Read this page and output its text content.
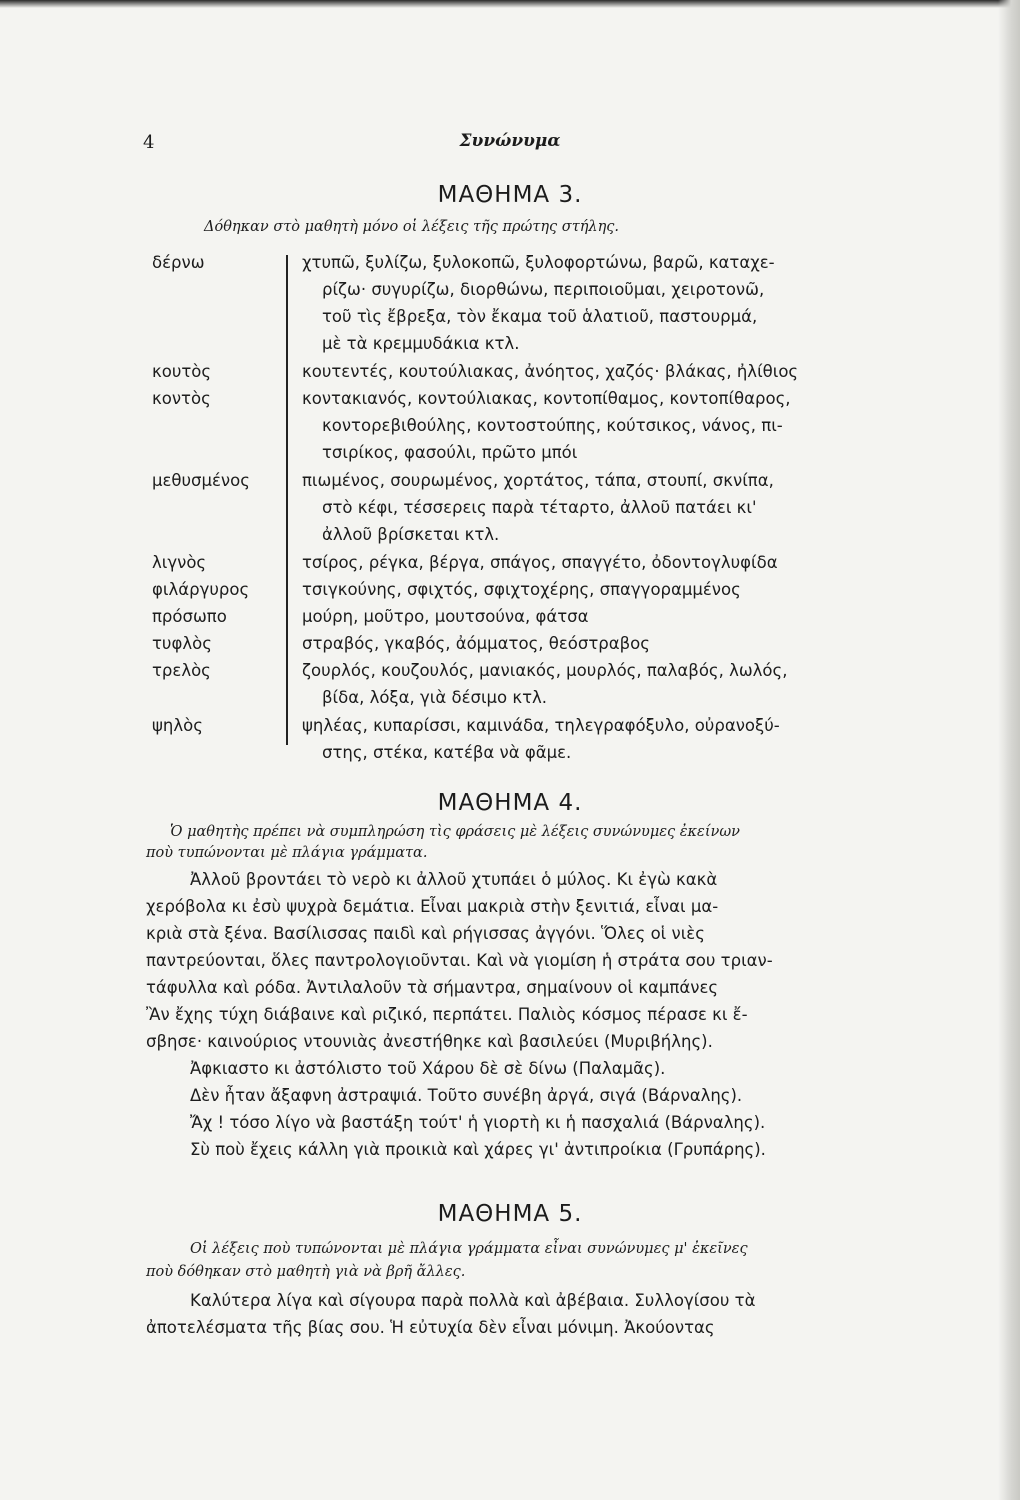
4	Συνώνυμα
ΜΑΘΗΜΑ 3.
Δόθηκαν στὸ μαθητὴ μόνο οἱ λέξεις τῆς πρώτης στήλης.
δέρνω	χτυπῶ, ξυλίζω, ξυλοκοπῶ, ξυλοφορτώνω, βαρῶ, καταχε-
ρίζω· συγυρίζω, διορθώνω, περιποιοῦμαι, χειροτονῶ,
τοῦ τὶς ἔβρεξα, τὸν ἔκαμα τοῦ ἁλατιοῦ, παστουρμά,
μὲ τὰ κρεμμυδάκια κτλ.
κουτὸς	κουτεντές, κουτούλιακας, ἀνόητος, χαζός· βλάκας, ἠλίθιος
κοντὸς	κοντακιανός, κοντούλιακας, κοντοπίθαμος, κοντοπίθαρος,
κοντορεβιθούλης, κοντοστούπης, κούτσικος, νάνος, πι-
τσιρίκος, φασούλι, πρῶτο μπόι
μεθυσμένος	πιωμένος, σουρωμένος, χορτάτος, τάπα, στουπί, σκνίπα,
στὸ κέφι, τέσσερεις παρὰ τέταρτο, ἀλλοῦ πατάει κι'
ἀλλοῦ βρίσκεται κτλ.
λιγνὸς	τσίρος, ρέγκα, βέργα, σπάγος, σπαγγέτο, ὀδοντογλυφίδα
φιλάργυρος	τσιγκούνης, σφιχτός, σφιχτοχέρης, σπαγγοραμμένος
πρόσωπο	μούρη, μοῦτρο, μουτσούνα, φάτσα
τυφλὸς	στραβός, γκαβός, ἀόμματος, θεόστραβος
τρελὸς	ζουρλός, κουζουλός, μανιακός, μουρλός, παλαβός, λωλός,
βίδα, λόξα, γιὰ δέσιμο κτλ.
ψηλὸς	ψηλέας, κυπαρίσσι, καμινάδα, τηλεγραφόξυλο, οὐρανοξύ-
στης, στέκα, κατέβα νὰ φᾶμε.
ΜΑΘΗΜΑ 4.
Ὁ μαθητὴς πρέπει νὰ συμπληρώση τὶς φράσεις μὲ λέξεις συνώνυμες ἐκείνων
ποὺ τυπώνονται μὲ πλάγια γράμματα.
Ἀλλοῦ βροντάει τὸ νερὸ κι ἀλλοῦ χτυπάει ὁ μύλος. Κι ἐγὼ κακὰ
χερόβολα κι ἐσὺ ψυχρὰ δεμάτια. Εἶναι μακριὰ στὴν ξενιτιά, εἶναι μα-
κριὰ στὰ ξένα. Βασίλισσας παιδὶ καὶ ρήγισσας ἀγγόνι. Ὅλες οἱ νιὲς
παντρεύονται, ὅλες παντρολογιοῦνται. Καὶ νὰ γιομίση ἡ στράτα σου τριαν-
τάφυλλα καὶ ρόδα. Ἀντιλαλοῦν τὰ σήμαντρα, σημαίνουν οἱ καμπάνες
Ἂν ἔχης τύχη διάβαινε καὶ ριζικό, περπάτει. Παλιὸς κόσμος πέρασε κι ἔ-
σβησε· καινούριος ντουνιὰς ἀνεστήθηκε καὶ βασιλεύει (Μυριβήλης).
Ἀφκιαστο κι ἀστόλιστο τοῦ Χάρου δὲ σὲ δίνω (Παλαμᾶς).
Δὲν ἦταν ἄξαφνη ἀστραψιά. Τοῦτο συνέβη ἀργά, σιγά (Βάρναλης).
Ἄχ ! τόσο λίγο νὰ βαστάξη τούτ' ἡ γιορτὴ κι ἡ πασχαλιά (Βάρναλης).
Σὺ ποὺ ἔχεις κάλλη γιὰ προικιὰ καὶ χάρες γι' ἀντιπροίκια (Γρυπάρης).
ΜΑΘΗΜΑ 5.
Οἱ λέξεις ποὺ τυπώνονται μὲ πλάγια γράμματα εἶναι συνώνυμες μ' ἐκεῖνες
ποὺ δόθηκαν στὸ μαθητὴ γιὰ νὰ βρῆ ἄλλες.
Καλύτερα λίγα καὶ σίγουρα παρὰ πολλὰ καὶ ἀβέβαια. Συλλογίσου τὰ
ἀποτελέσματα τῆς βίας σου. Ἡ εὐτυχία δὲν εἶναι μόνιμη. Ἀκούοντας
